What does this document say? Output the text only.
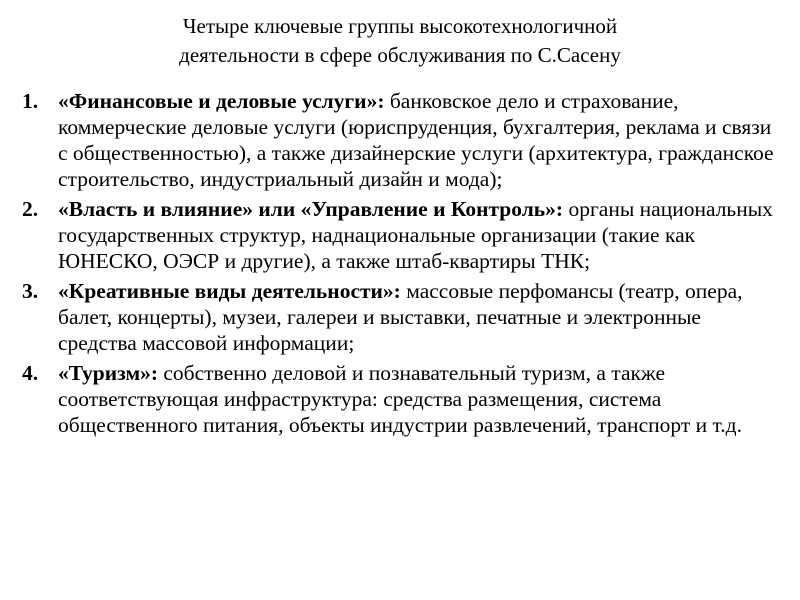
Четыре ключевые группы высокотехнологичной
деятельности в сфере обслуживания по С.Сасену
1. «Финансовые и деловые услуги»: банковское дело и страхование, коммерческие деловые услуги (юриспруденция, бухгалтерия, реклама и связи с общественностью), а также дизайнерские услуги (архитектура, гражданское строительство, индустриальный дизайн и мода);
2. «Власть и влияние» или «Управление и Контроль»: органы национальных государственных структур, наднациональные организации (такие как ЮНЕСКО, ОЭСР и другие), а также штаб-квартиры ТНК;
3. «Креативные виды деятельности»: массовые перфомансы (театр, опера, балет, концерты), музеи, галереи и выставки, печатные и электронные средства массовой информации;
4. «Туризм»: собственно деловой и познавательный туризм, а также соответствующая инфраструктура: средства размещения, система общественного питания, объекты индустрии развлечений, транспорт и т.д.
